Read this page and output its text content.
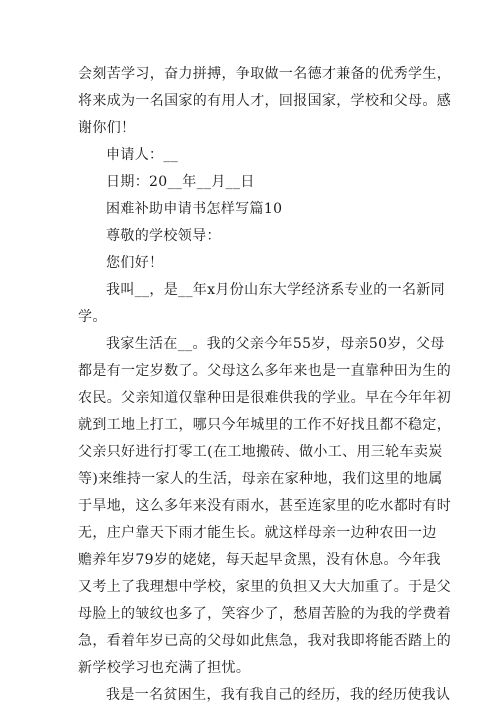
会刻苦学习，奋力拼搏，争取做一名德才兼备的优秀学生，
将来成为一名国家的有用人才，回报国家，学校和父母。感
谢你们！
申请人：__
日期：20__年__月__日
困难补助申请书怎样写篇10
尊敬的学校领导：
您们好！
我叫__，是__年x月份山东大学经济系专业的一名新同
学。
我家生活在__。我的父亲今年55岁，母亲50岁，父母
都是有一定岁数了。父母这么多年来也是一直靠种田为生的
农民。父亲知道仅靠种田是很难供我的学业。早在今年年初
就到工地上打工，哪只今年城里的工作不好找且都不稳定，
父亲只好进行打零工(在工地搬砖、做小工、用三轮车卖炭
等)来维持一家人的生活，母亲在家种地，我们这里的地属
于旱地，这么多年来没有雨水，甚至连家里的吃水都时有时
无，庄户靠天下雨才能生长。就这样母亲一边种农田一边
赡养年岁79岁的姥姥，每天起早贪黑，没有休息。今年我
又考上了我理想中学校，家里的负担又大大加重了。于是父
母脸上的皱纹也多了，笑容少了，愁眉苦脸的为我的学费着
急，看着年岁已高的父母如此焦急，我对我即将能否踏上的
新学校学习也充满了担忧。
我是一名贫困生，我有我自己的经历，我的经历使我认
